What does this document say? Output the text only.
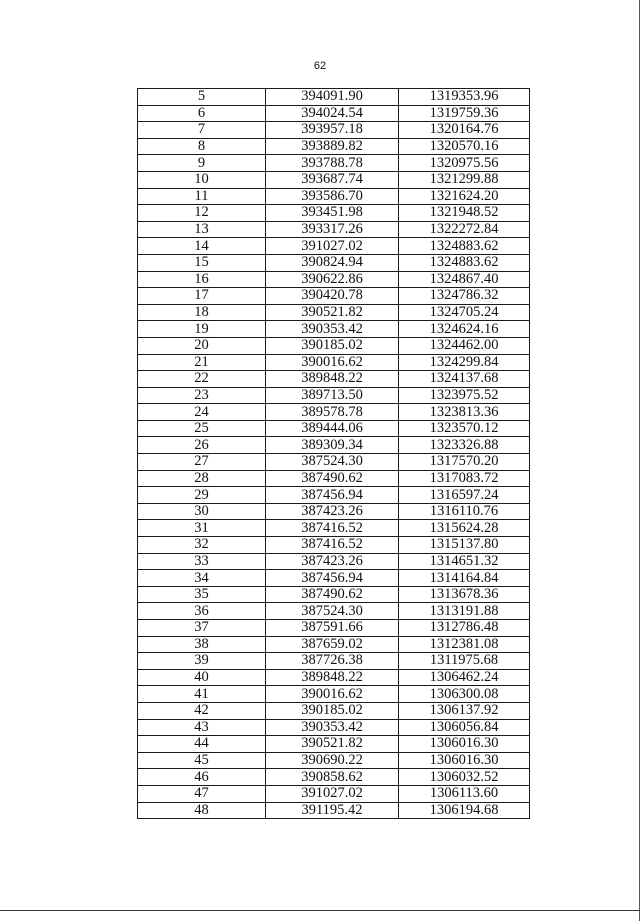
62
5	394091.90	1319353.96
6	394024.54	1319759.36
7	393957.18	1320164.76
8	393889.82	1320570.16
9	393788.78	1320975.56
10	393687.74	1321299.88
11	393586.70	1321624.20
12	393451.98	1321948.52
13	393317.26	1322272.84
14	391027.02	1324883.62
15	390824.94	1324883.62
16	390622.86	1324867.40
17	390420.78	1324786.32
18	390521.82	1324705.24
19	390353.42	1324624.16
20	390185.02	1324462.00
21	390016.62	1324299.84
22	389848.22	1324137.68
23	389713.50	1323975.52
24	389578.78	1323813.36
25	389444.06	1323570.12
26	389309.34	1323326.88
27	387524.30	1317570.20
28	387490.62	1317083.72
29	387456.94	1316597.24
30	387423.26	1316110.76
31	387416.52	1315624.28
32	387416.52	1315137.80
33	387423.26	1314651.32
34	387456.94	1314164.84
35	387490.62	1313678.36
36	387524.30	1313191.88
37	387591.66	1312786.48
38	387659.02	1312381.08
39	387726.38	1311975.68
40	389848.22	1306462.24
41	390016.62	1306300.08
42	390185.02	1306137.92
43	390353.42	1306056.84
44	390521.82	1306016.30
45	390690.22	1306016.30
46	390858.62	1306032.52
47	391027.02	1306113.60
48	391195.42	1306194.68
